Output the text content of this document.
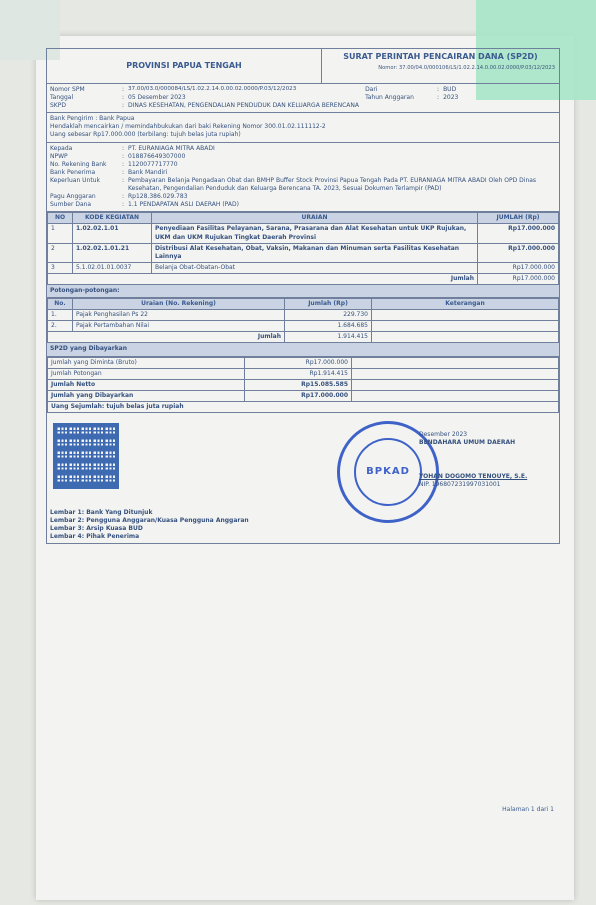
PROVINSI PAPUA TENGAH
SURAT PERINTAH PENCAIRAN DANA (SP2D)
Nomor: 37.00/04.0/000106/LS/1.02.2.14.0.00.02.0000/P.03/12/2023
Nomor SPM	: 37.00/03.0/000084/LS/1.02.2.14.0.00.02.0000/P.03/12/2023
Tanggal	: 05 Desember 2023
SKPD	: DINAS KESEHATAN, PENGENDALIAN PENDUDUK DAN KELUARGA BERENCANA
Dari	: BUD
Tahun Anggaran	: 2023
Bank Pengirim : Bank Papua
Hendaklah mencairkan / memindahbukukan dari baki Rekening Nomor 300.01.02.111112-2
Uang sebesar Rp17.000.000 (terbilang: tujuh belas juta rupiah)
Kepada	: PT. EURANIAGA MITRA ABADI
NPWP	: 018876649307000
No. Rekening Bank	: 1120077717770
Bank Penerima	: Bank Mandiri
Keperluan Untuk	: Pembayaran Belanja Pengadaan Obat dan BMHP Buffer Stock Provinsi Papua Tengah Pada PT. EURANIAGA MITRA ABADI Oleh OPD Dinas Kesehatan, Pengendalian Penduduk dan Keluarga Berencana TA. 2023, Sesuai Dokumen Terlampir (PAD)
Pagu Anggaran	: Rp128.386.029.783
Sumber Dana	: 1.1 PENDAPATAN ASLI DAERAH (PAD)
NO	KODE KEGIATAN	URAIAN	JUMLAH (Rp)
1	1.02.02.1.01	Penyediaan Fasilitas Pelayanan, Sarana, Prasarana dan Alat Kesehatan untuk UKP Rujukan, UKM dan UKM Rujukan Tingkat Daerah Provinsi	Rp17.000.000
2	1.02.02.1.01.21	Distribusi Alat Kesehatan, Obat, Vaksin, Makanan dan Minuman serta Fasilitas Kesehatan Lainnya	Rp17.000.000
3	5.1.02.01.01.0037	Belanja Obat-Obatan-Obat	Rp17.000.000
Jumlah			Rp17.000.000
Potongan-potongan:
No.	Uraian (No. Rekening)	Jumlah (Rp)	Keterangan
1.	Pajak Penghasilan Ps 22	229.730	
2.	Pajak Pertambahan Nilai	1.684.685	
Jumlah		1.914.415	
SP2D yang Dibayarkan
Jumlah yang Diminta (Bruto)	Rp17.000.000	
Jumlah Potongan	Rp1.914.415	
Jumlah Netto	Rp15.085.585	
Jumlah yang Dibayarkan	Rp17.000.000	
Uang Sejumlah: tujuh belas juta rupiah		
BPKAD
Desember 2023
BENDAHARA UMUM DAERAH
YOHAN DOGOMO TENOUYE, S.E.
NIP. 196807231997031001
Lembar 1: Bank Yang Ditunjuk
Lembar 2: Pengguna Anggaran/Kuasa Pengguna Anggaran
Lembar 3: Arsip Kuasa BUD
Lembar 4: Pihak Penerima
Halaman 1 dari 1
